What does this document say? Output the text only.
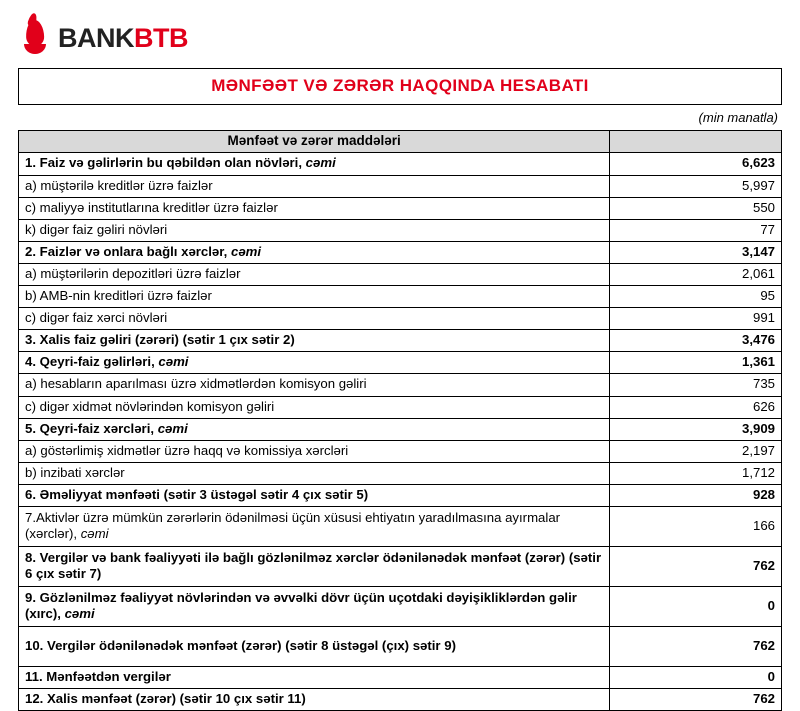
BANK BTB
MƏNFƏƏT VƏ ZƏRƏR HAQQINDA HESABATI
(min manatla)
Mənfəət və zərər maddələri	
1. Faiz və gəlirlərin bu qəbildən olan növləri, cəmi	6,623
a) müştərilə kreditlər üzrə faizlər	5,997
c) maliyyə institutlarına kreditlər üzrə faizlər	550
k) digər faiz gəliri növləri	77
2. Faizlər və onlara bağlı xərclər, cəmi	3,147
a) müştərilərin depozitləri üzrə faizlər	2,061
b) AMB-nin kreditləri üzrə faizlər	95
c) digər faiz xərci növləri	991
3. Xalis faiz gəliri (zərəri) (sətir 1 çıx sətir 2)	3,476
4. Qeyri-faiz gəlirləri, cəmi	1,361
a) hesabların aparılması üzrə xidmətlərdən komisyon gəliri	735
c) digər xidmət növlərindən komisyon gəliri	626
5. Qeyri-faiz xərcləri, cəmi	3,909
a) göstərlimiş xidmətlər üzrə haqq və komissiya xərcləri	2,197
b) inzibati xərclər	1,712
6. Əməliyyat mənfəəti (sətir 3 üstəgəl sətir 4 çıx sətir 5)	928
7.Aktivlər üzrə mümkün zərərlərin ödənilməsi üçün xüsusi ehtiyatın yaradılmasına ayırmalar (xərclər), cəmi	166
8. Vergilər və bank fəaliyyəti ilə bağlı gözlənilməz xərclər ödənilənədək mənfəət (zərər) (sətir 6 çıx sətir 7)	762
9. Gözlənilməz fəaliyyət növlərindən və əvvəlki dövr üçün uçotdaki dəyişikliklərdən gəlir (xırc), cəmi	0
10. Vergilər ödənilənədək mənfəət (zərər) (sətir 8 üstəgəl (çıx) sətir 9)	762
11. Mənfəətdən vergilər	0
12. Xalis mənfəət (zərər) (sətir 10 çıx sətir 11)	762
